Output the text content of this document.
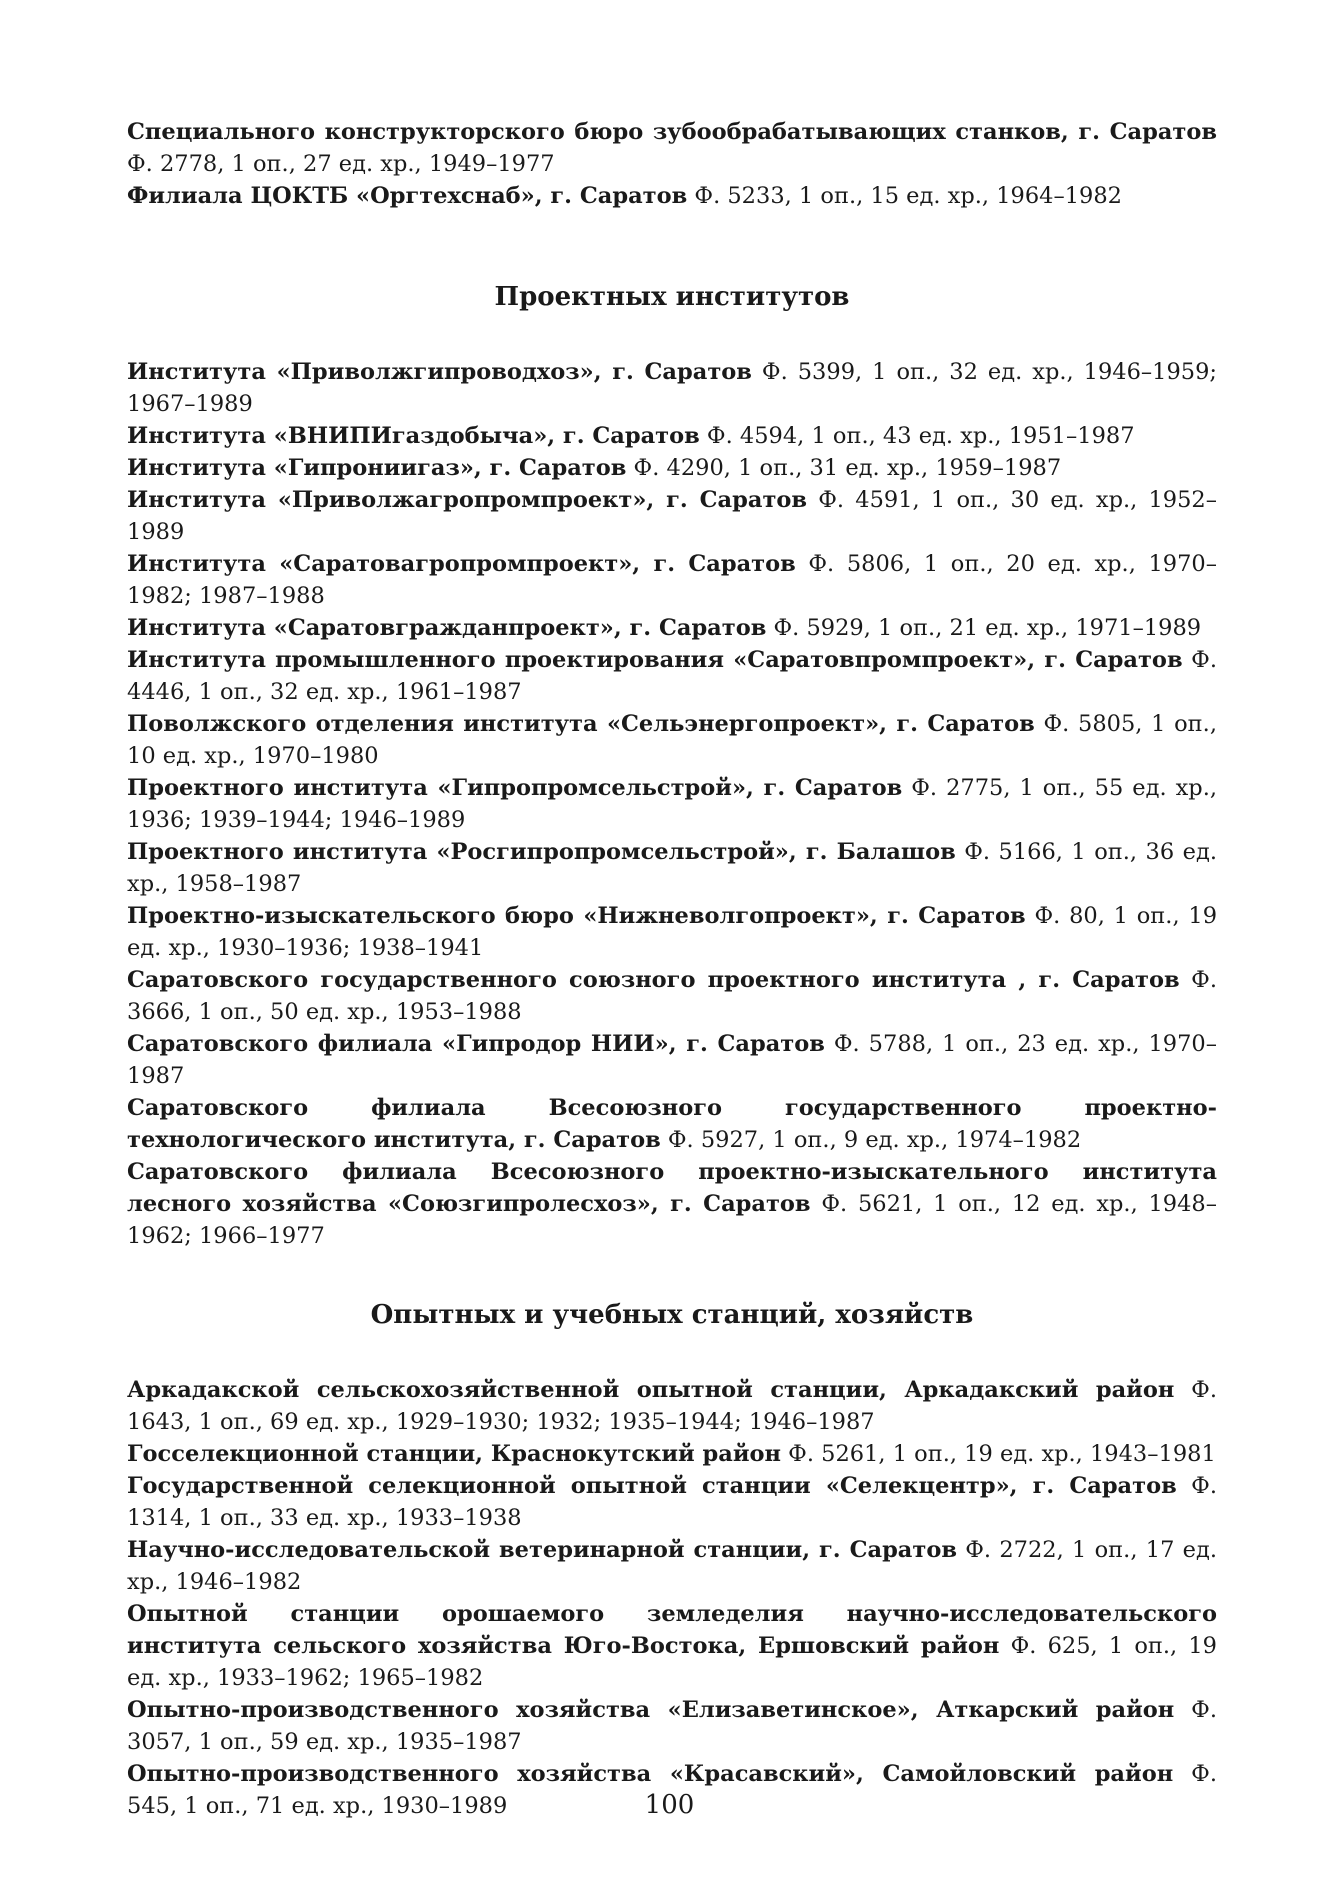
Специального конструкторского бюро зубообрабатывающих станков, г. Саратов Ф. 2778, 1 оп., 27 ед. хр., 1949–1977

Филиала ЦОКТБ «Оргтехснаб», г. Саратов Ф. 5233, 1 оп., 15 ед. хр., 1964–1982

Проектных институтов

Института «Приволжгипроводхоз», г. Саратов Ф. 5399, 1 оп., 32 ед. хр., 1946–1959; 1967–1989

Института «ВНИПИгаздобыча», г. Саратов Ф. 4594, 1 оп., 43 ед. хр., 1951–1987

Института «Гипрониигаз», г. Саратов Ф. 4290, 1 оп., 31 ед. хр., 1959–1987

Института «Приволжагропромпроект», г. Саратов Ф. 4591, 1 оп., 30 ед. хр., 1952–1989

Института «Саратовагропромпроект», г. Саратов Ф. 5806, 1 оп., 20 ед. хр., 1970–1982; 1987–1988

Института «Саратовгражданпроект», г. Саратов Ф. 5929, 1 оп., 21 ед. хр., 1971–1989

Института промышленного проектирования «Саратовпромпроект», г. Саратов Ф. 4446, 1 оп., 32 ед. хр., 1961–1987

Поволжского отделения института «Сельэнергопроект», г. Саратов Ф. 5805, 1 оп., 10 ед. хр., 1970–1980

Проектного института «Гипропромсельстрой», г. Саратов Ф. 2775, 1 оп., 55 ед. хр., 1936; 1939–1944; 1946–1989

Проектного института «Росгипропромсельстрой», г. Балашов Ф. 5166, 1 оп., 36 ед. хр., 1958–1987

Проектно-изыскательского бюро «Нижневолгопроект», г. Саратов Ф. 80, 1 оп., 19 ед. хр., 1930–1936; 1938–1941

Саратовского государственного союзного проектного института , г. Саратов Ф. 3666, 1 оп., 50 ед. хр., 1953–1988

Саратовского филиала «Гипродор НИИ», г. Саратов Ф. 5788, 1 оп., 23 ед. хр., 1970–1987

Саратовского филиала Всесоюзного государственного проектно-технологического института, г. Саратов Ф. 5927, 1 оп., 9 ед. хр., 1974–1982

Саратовского филиала Всесоюзного проектно-изыскательного института лесного хозяйства «Союзгипролесхоз», г. Саратов Ф. 5621, 1 оп., 12 ед. хр., 1948–1962; 1966–1977

Опытных и учебных станций, хозяйств

Аркадакской сельскохозяйственной опытной станции, Аркадакский район Ф. 1643, 1 оп., 69 ед. хр., 1929–1930; 1932; 1935–1944; 1946–1987

Госселекционной станции, Краснокутский район Ф. 5261, 1 оп., 19 ед. хр., 1943–1981

Государственной селекционной опытной станции «Селекцентр», г. Саратов Ф. 1314, 1 оп., 33 ед. хр., 1933–1938

Научно-исследовательской ветеринарной станции, г. Саратов Ф. 2722, 1 оп., 17 ед. хр., 1946–1982

Опытной станции орошаемого земледелия научно-исследовательского института сельского хозяйства Юго-Востока, Ершовский район Ф. 625, 1 оп., 19 ед. хр., 1933–1962; 1965–1982

Опытно-производственного хозяйства «Елизаветинское», Аткарский район Ф. 3057, 1 оп., 59 ед. хр., 1935–1987

Опытно-производственного хозяйства «Красавский», Самойловский район Ф. 545, 1 оп., 71 ед. хр., 1930–1989	100
